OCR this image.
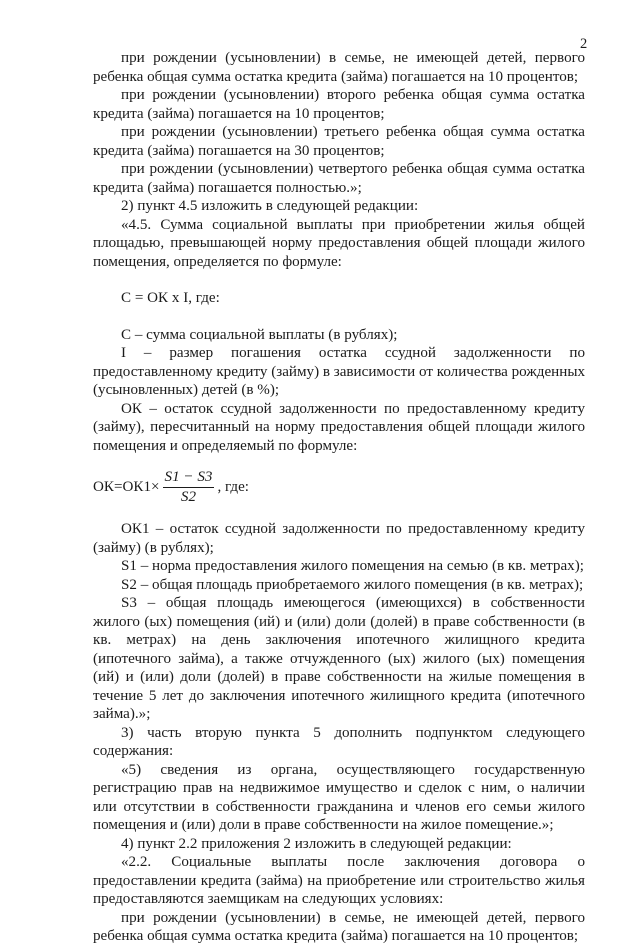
2

при рождении (усыновлении) в семье, не имеющей детей, первого ребенка общая сумма остатка кредита (займа) погашается на 10 процентов;

при рождении (усыновлении) второго ребенка общая сумма остатка кредита (займа) погашается на 10 процентов;

при рождении (усыновлении) третьего ребенка общая сумма остатка кредита (займа) погашается на 30 процентов;

при рождении (усыновлении) четвертого ребенка общая сумма остатка кредита (займа) погашается полностью.»;

2) пункт 4.5 изложить в следующей редакции:

«4.5. Сумма социальной выплаты при приобретении жилья общей площадью, превышающей норму предоставления общей площади жилого помещения, определяется по формуле:

С = ОК x I, где:

С – сумма социальной выплаты (в рублях);

I – размер погашения остатка ссудной задолженности по предоставленному кредиту (займу) в зависимости от количества рожденных (усыновленных) детей (в %);

ОК – остаток ссудной задолженности по предоставленному кредиту (займу), пересчитанный на норму предоставления общей площади жилого помещения и определяемый по формуле:

$ОК=ОК1\times \frac{S1 - S3}{S2}$ , где:

ОК1 – остаток ссудной задолженности по предоставленному кредиту (займу) (в рублях);

S1 – норма предоставления жилого помещения на семью (в кв. метрах);

S2 – общая площадь приобретаемого жилого помещения (в кв. метрах);

S3 – общая площадь имеющегося (имеющихся) в собственности жилого (ых) помещения (ий) и (или) доли (долей) в праве собственности (в кв. метрах) на день заключения ипотечного жилищного кредита (ипотечного займа), а также отчужденного (ых) жилого (ых) помещения (ий) и (или) доли (долей) в праве собственности на жилые помещения в течение 5 лет до заключения ипотечного жилищного кредита (ипотечного займа).»;

3) часть вторую пункта 5 дополнить подпунктом следующего содержания:

«5) сведения из органа, осуществляющего государственную регистрацию прав на недвижимое имущество и сделок с ним, о наличии или отсутствии в собственности гражданина и членов его семьи жилого помещения и (или) доли в праве собственности на жилое помещение.»;

4) пункт 2.2 приложения 2 изложить в следующей редакции:

«2.2. Социальные выплаты после заключения договора о предоставлении кредита (займа) на приобретение или строительство жилья предоставляются заемщикам на следующих условиях:

при рождении (усыновлении) в семье, не имеющей детей, первого ребенка общая сумма остатка кредита (займа) погашается на 10 процентов;
